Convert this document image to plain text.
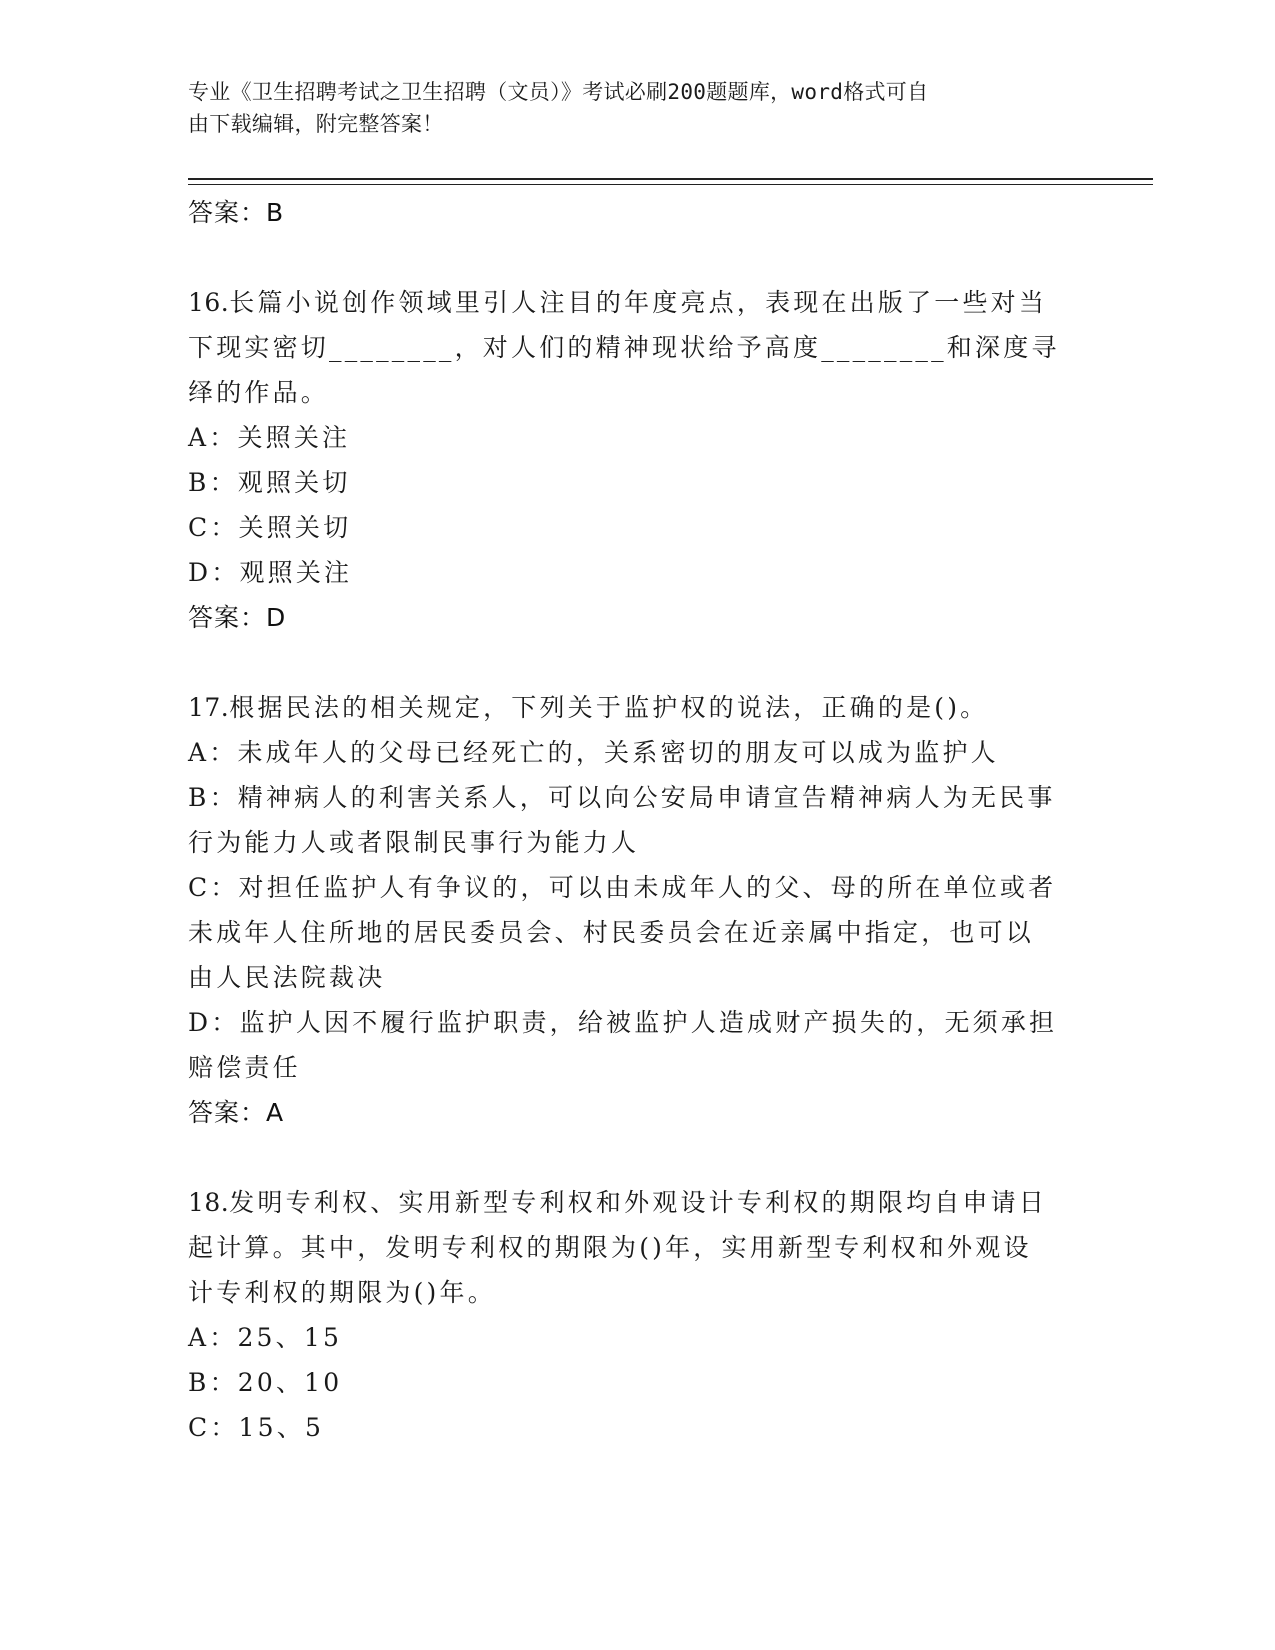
专业《卫生招聘考试之卫生招聘（文员）》考试必刷200题题库，word格式可自
由下载编辑，附完整答案！
答案：B
16.长篇小说创作领域里引人注目的年度亮点，表现在出版了一些对当
下现实密切________，对人们的精神现状给予高度________和深度寻
绎的作品。
A：关照关注
B：观照关切
C：关照关切
D：观照关注
答案：D
17.根据民法的相关规定，下列关于监护权的说法，正确的是()。
A：未成年人的父母已经死亡的，关系密切的朋友可以成为监护人
B：精神病人的利害关系人，可以向公安局申请宣告精神病人为无民事
行为能力人或者限制民事行为能力人
C：对担任监护人有争议的，可以由未成年人的父、母的所在单位或者
未成年人住所地的居民委员会、村民委员会在近亲属中指定，也可以
由人民法院裁决
D：监护人因不履行监护职责，给被监护人造成财产损失的，无须承担
赔偿责任
答案：A
18.发明专利权、实用新型专利权和外观设计专利权的期限均自申请日
起计算。其中，发明专利权的期限为()年，实用新型专利权和外观设
计专利权的期限为()年。
A：25、15
B：20、10
C：15、5
